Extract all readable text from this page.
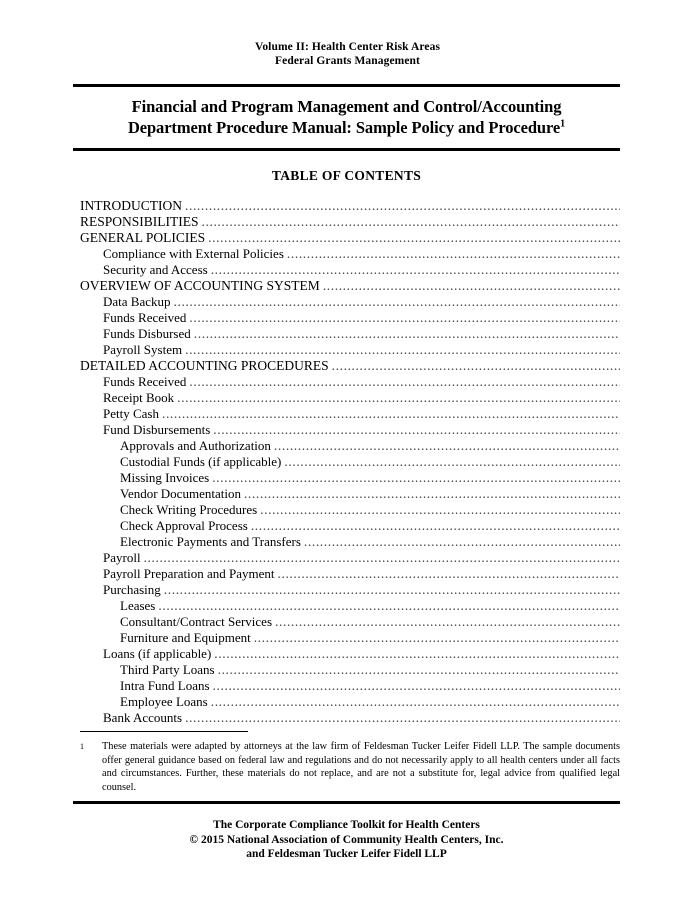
Volume II: Health Center Risk Areas
Federal Grants Management
Financial and Program Management and Control/Accounting
Department Procedure Manual: Sample Policy and Procedure$^1$
TABLE OF CONTENTS
INTRODUCTION
.....
RESPONSIBILITIES
.....
GENERAL POLICIES
.....
Compliance with External Policies
.....
Security and Access
.....
OVERVIEW OF ACCOUNTING SYSTEM
.....
Data Backup
.....
Funds Received
.....
Funds Disbursed
.....
Payroll System
.....
DETAILED ACCOUNTING PROCEDURES
.....
Funds Received
.....
Receipt Book
.....
Petty Cash
.....
Fund Disbursements
.....
Approvals and Authorization
.....
Custodial Funds (if applicable)
.....
Missing Invoices
.....
Vendor Documentation
.....
Check Writing Procedures
.....
Check Approval Process
.....
Electronic Payments and Transfers
.....
Payroll
.....
Payroll Preparation and Payment
.....
Purchasing
.....
Leases
.....
Consultant/Contract Services
.....
Furniture and Equipment
.....
Loans (if applicable)
.....
Third Party Loans
.....
Intra Fund Loans
.....
Employee Loans
.....
Bank Accounts
.....
1 These materials were adapted by attorneys at the law firm of Feldesman Tucker Leifer Fidell LLP. The sample documents offer general guidance based on federal law and regulations and do not necessarily apply to all health centers under all facts and circumstances. Further, these materials do not replace, and are not a substitute for, legal advice from qualified legal counsel.
The Corporate Compliance Toolkit for Health Centers
© 2015 National Association of Community Health Centers, Inc.
and Feldesman Tucker Leifer Fidell LLP
